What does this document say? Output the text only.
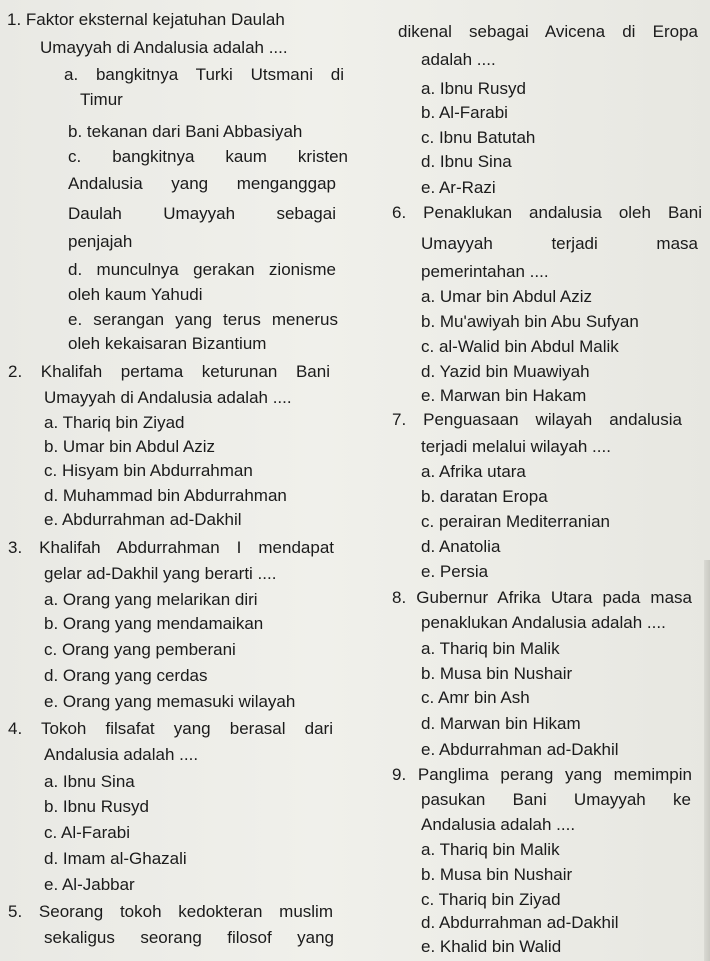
1. Faktor eksternal kejatuhan Daulah
Umayyah di Andalusia adalah ....
a. bangkitnya Turki Utsmani di
Timur
b. tekanan dari Bani Abbasiyah
c. bangkitnya kaum kristen
Andalusia yang menganggap
Daulah Umayyah sebagai
penjajah
d. munculnya gerakan zionisme
oleh kaum Yahudi
e. serangan yang terus menerus
oleh kekaisaran Bizantium
2. Khalifah pertama keturunan Bani
Umayyah di Andalusia adalah ....
a. Thariq bin Ziyad
b. Umar bin Abdul Aziz
c. Hisyam bin Abdurrahman
d. Muhammad bin Abdurrahman
e. Abdurrahman ad-Dakhil
3. Khalifah Abdurrahman I mendapat
gelar ad-Dakhil yang berarti ....
a. Orang yang melarikan diri
b. Orang yang mendamaikan
c. Orang yang pemberani
d. Orang yang cerdas
e. Orang yang memasuki wilayah
4. Tokoh filsafat yang berasal dari
Andalusia adalah ....
a. Ibnu Sina
b. Ibnu Rusyd
c. Al-Farabi
d. Imam al-Ghazali
e. Al-Jabbar
5. Seorang tokoh kedokteran muslim
sekaligus seorang filosof yang
dikenal sebagai Avicena di Eropa
adalah ....
a. Ibnu Rusyd
b. Al-Farabi
c. Ibnu Batutah
d. Ibnu Sina
e. Ar-Razi
6. Penaklukan andalusia oleh Bani
Umayyah terjadi masa
pemerintahan ....
a. Umar bin Abdul Aziz
b. Mu'awiyah bin Abu Sufyan
c. al-Walid bin Abdul Malik
d. Yazid bin Muawiyah
e. Marwan bin Hakam
7. Penguasaan wilayah andalusia
terjadi melalui wilayah ....
a. Afrika utara
b. daratan Eropa
c. perairan Mediterranian
d. Anatolia
e. Persia
8. Gubernur Afrika Utara pada masa
penaklukan Andalusia adalah ....
a. Thariq bin Malik
b. Musa bin Nushair
c. Amr bin Ash
d. Marwan bin Hikam
e. Abdurrahman ad-Dakhil
9. Panglima perang yang memimpin
pasukan Bani Umayyah ke
Andalusia adalah ....
a. Thariq bin Malik
b. Musa bin Nushair
c. Thariq bin Ziyad
d. Abdurrahman ad-Dakhil
e. Khalid bin Walid
